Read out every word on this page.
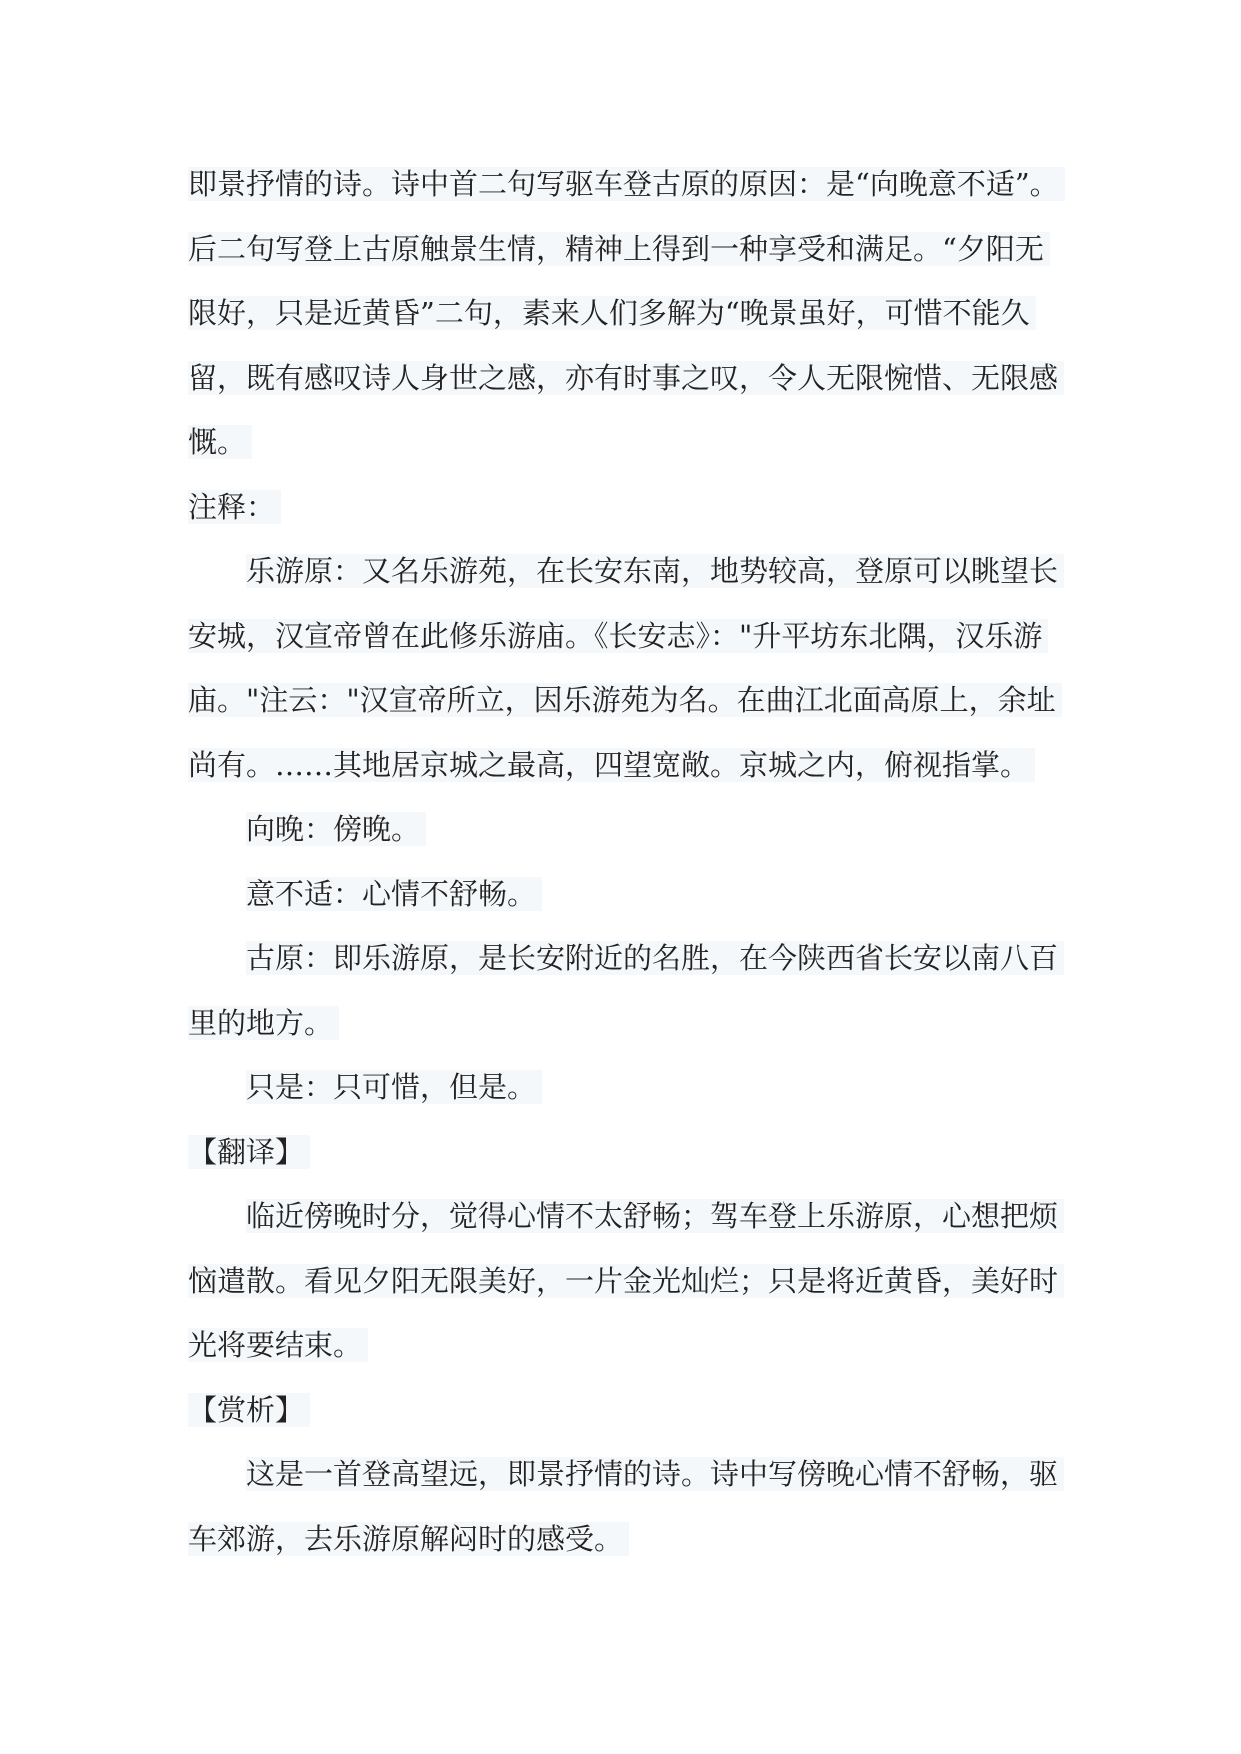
即景抒情的诗。诗中首二句写驱车登古原的原因：是“向晚意不适”。后二句写登上古原触景生情，精神上得到一种享受和满足。“夕阳无限好，只是近黄昏”二句，素来人们多解为“晚景虽好，可惜不能久留，既有感叹诗人身世之感，亦有时事之叹，令人无限惋惜、无限感慨。

注释：

乐游原：又名乐游苑，在长安东南，地势较高，登原可以眺望长安城，汉宣帝曾在此修乐游庙。《长安志》："升平坊东北隅，汉乐游庙。"注云："汉宣帝所立，因乐游苑为名。在曲江北面高原上，余址尚有。……其地居京城之最高，四望宽敞。京城之内，俯视指掌。

向晚：傍晚。

意不适：心情不舒畅。

古原：即乐游原，是长安附近的名胜，在今陕西省长安以南八百里的地方。

只是：只可惜，但是。

【翻译】

临近傍晚时分，觉得心情不太舒畅；驾车登上乐游原，心想把烦恼遣散。看见夕阳无限美好，一片金光灿烂；只是将近黄昏，美好时光将要结束。

【赏析】

这是一首登高望远，即景抒情的诗。诗中写傍晚心情不舒畅，驱车郊游，去乐游原解闷时的感受。
